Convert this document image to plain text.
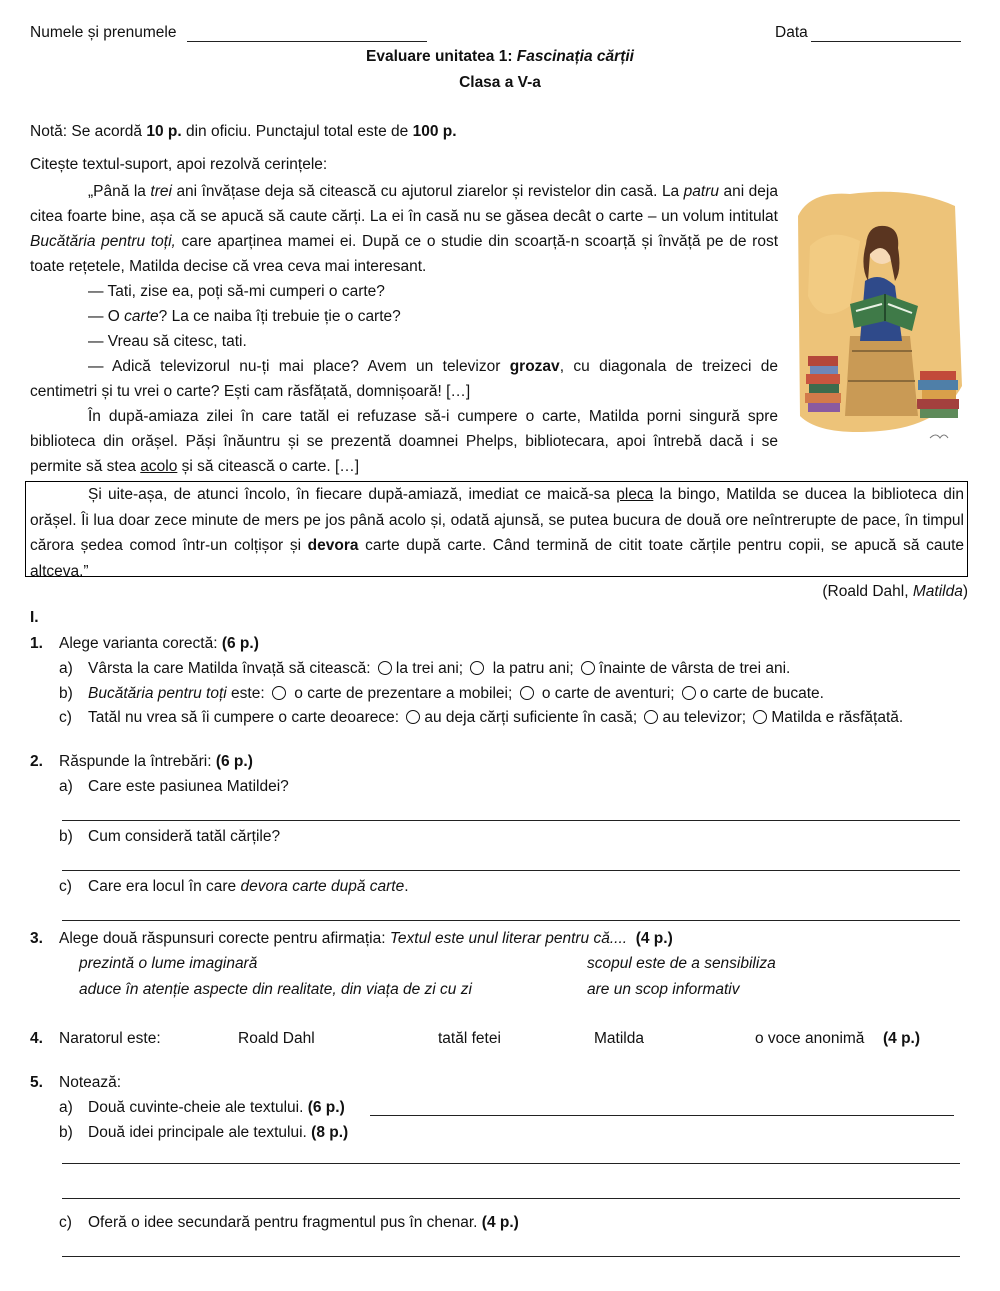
Numele și prenumele	Data
Evaluare unitatea 1: Fascinația cărții
Clasa a V-a
Notă: Se acordă 10 p. din oficiu. Punctajul total este de 100 p.
Citește textul-suport, apoi rezolvă cerințele:

„Până la trei ani învățase deja să citească cu ajutorul ziarelor și revistelor din casă. La patru ani deja citea foarte bine, așa că se apucă să caute cărți. La ei în casă nu se găsea decât o carte – un volum intitulat Bucătăria pentru toți, care aparținea mamei ei. După ce o studie din scoarță-n scoarță și învăță pe de rost toate rețetele, Matilda decise că vrea ceva mai interesant.

— Tati, zise ea, poți să-mi cumperi o carte?

— O carte? La ce naiba îți trebuie ție o carte?

— Vreau să citesc, tati.

— Adică televizorul nu-ți mai place? Avem un televizor grozav, cu diagonala de treizeci de centimetri și tu vrei o carte? Ești cam răsfățată, domnișoară! […]

În după-amiaza zilei în care tatăl ei refuzase să-i cumpere o carte, Matilda porni singură spre biblioteca din orășel. Păși înăuntru și se prezentă doamnei Phelps, bibliotecara, apoi întrebă dacă i se permite să stea acolo și să citească o carte. […]

Și uite-așa, de atunci încolo, în fiecare după-amiază, imediat ce maică-sa pleca la bingo, Matilda se ducea la biblioteca din orășel. Îi lua doar zece minute de mers pe jos până acolo și, odată ajunsă, se putea bucura de două ore neîntrerupte de pace, în timpul cărora ședea comod într-un colțișor și devora carte după carte. Când termină de citit toate cărțile pentru copii, se apucă să caute altceva.”

(Roald Dahl, Matilda)
I.
1. Alege varianta corectă: (6 p.)
a) Vârsta la care Matilda învață să citească: la trei ani;  la patru ani; înainte de vârsta de trei ani.
b) Bucătăria pentru toți este:  o carte de prezentare a mobilei;  o carte de aventuri; o carte de bucate.
c) Tatăl nu vrea să îi cumpere o carte deoarece: au deja cărți suficiente în casă; au televizor; Matilda e răsfățată.
2. Răspunde la întrebări: (6 p.)
a) Care este pasiunea Matildei?
b) Cum consideră tatăl cărțile?
c) Care era locul în care devora carte după carte.
3. Alege două răspunsuri corecte pentru afirmația: Textul este unul literar pentru că.... (4 p.)
prezintă o lume imaginară	scopul este de a sensibiliza
aduce în atenție aspecte din realitate, din viața de zi cu zi	are un scop informativ
4. Naratorul este:	Roald Dahl	tatăl fetei	Matilda	o voce anonimă (4 p.)
5. Notează:
a) Două cuvinte-cheie ale textului. (6 p.)
b) Două idei principale ale textului. (8 p.)
c) Oferă o idee secundară pentru fragmentul pus în chenar. (4 p.)
